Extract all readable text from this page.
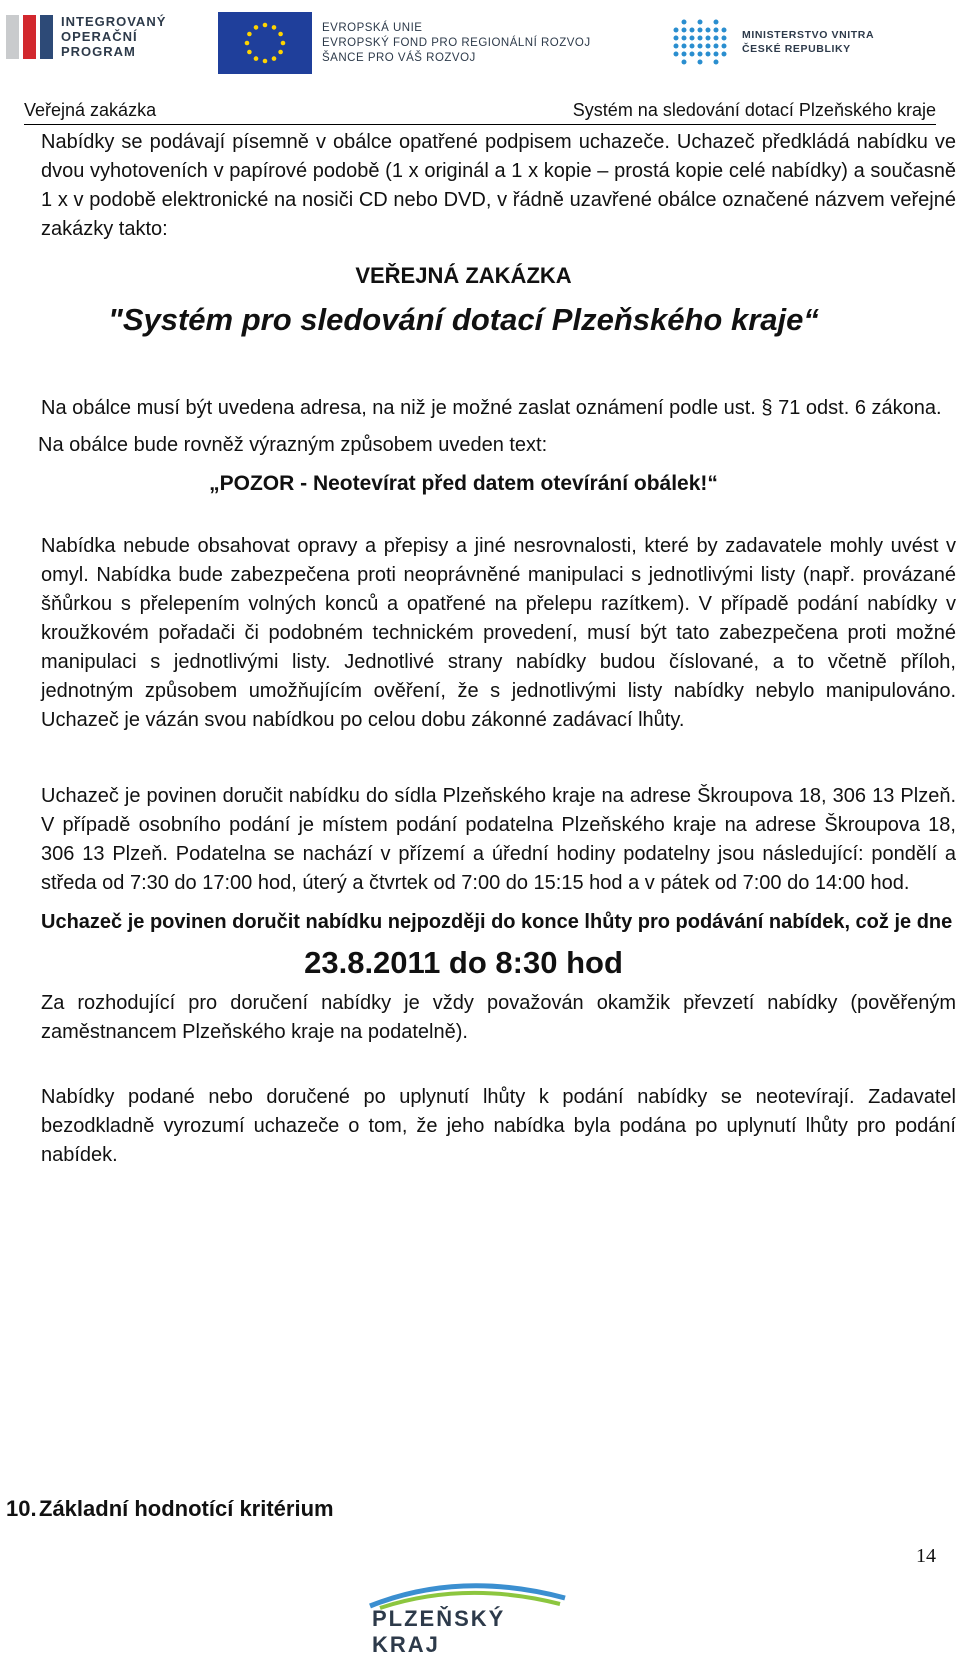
INTEGROVANÝ
OPERAČNÍ
PROGRAM
EVROPSKÁ UNIE
EVROPSKÝ FOND PRO REGIONÁLNÍ ROZVOJ
ŠANCE PRO VÁŠ ROZVOJ
MINISTERSTVO VNITRA
ČESKÉ REPUBLIKY
Veřejná zakázka	Systém na sledování dotací Plzeňského kraje

Nabídky se podávají písemně v obálce opatřené podpisem uchazeče. Uchazeč předkládá nabídku ve dvou vyhotoveních v papírové podobě (1 x originál a 1 x kopie – prostá kopie celé nabídky) a současně 1 x v podobě elektronické na nosiči CD nebo DVD, v řádně uzavřené obálce označené názvem veřejné zakázky takto:

VEŘEJNÁ ZAKÁZKA

"Systém pro sledování dotací Plzeňského kraje“

Na obálce musí být uvedena adresa, na niž je možné zaslat oznámení podle ust. § 71 odst. 6 zákona.

Na obálce bude rovněž výrazným způsobem uveden text:

„POZOR - Neotevírat před datem otevírání obálek!“

Nabídka nebude obsahovat opravy a přepisy a jiné nesrovnalosti, které by zadavatele mohly uvést v omyl. Nabídka bude zabezpečena proti neoprávněné manipulaci s jednotlivými listy (např. provázané šňůrkou s přelepením volných konců a opatřené na přelepu razítkem). V případě podání nabídky v kroužkovém pořadači či podobném technickém provedení, musí být tato zabezpečena proti možné manipulaci s jednotlivými listy. Jednotlivé strany nabídky budou číslované, a to včetně příloh, jednotným způsobem umožňujícím ověření, že s jednotlivými listy nabídky nebylo manipulováno. Uchazeč je vázán svou nabídkou po celou dobu zákonné zadávací lhůty.

Uchazeč je povinen doručit nabídku do sídla Plzeňského kraje na adrese Škroupova 18, 306 13 Plzeň. V případě osobního podání je místem podání podatelna Plzeňského kraje na adrese Škroupova 18, 306 13 Plzeň. Podatelna se nachází v přízemí a úřední hodiny podatelny jsou následující: pondělí a středa od 7:30 do 17:00 hod, úterý a čtvrtek od 7:00 do 15:15 hod a v pátek od 7:00 do 14:00 hod.

Uchazeč je povinen doručit nabídku nejpozději do konce lhůty pro podávání nabídek, což je dne

23.8.2011 do 8:30 hod

Za rozhodující pro doručení nabídky je vždy považován okamžik převzetí nabídky (pověřeným zaměstnancem Plzeňského kraje na podatelně).

Nabídky podané nebo doručené po uplynutí lhůty k podání nabídky se neotevírají. Zadavatel bezodkladně vyrozumí uchazeče o tom, že jeho nabídka byla podána po uplynutí lhůty pro podání nabídek.

10. Základní hodnotící kritérium
14
PLZEŇSKÝ KRAJ
